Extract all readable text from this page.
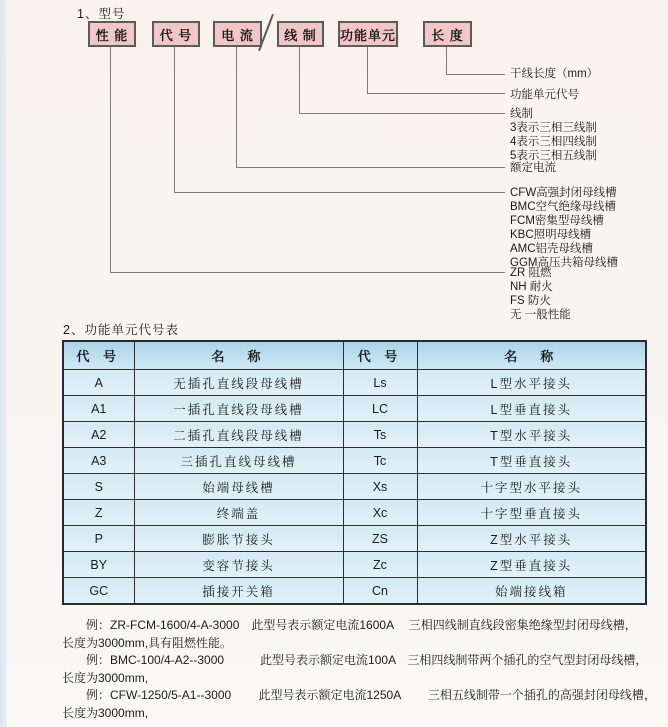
1、型号
性 能	代 号	电 流	线 制	功能单元	长 度
干线长度（mm）
功能单元代号
线制
3表示三相三线制
4表示三相四线制
5表示三相五线制
额定电流
CFW高强封闭母线槽
BMC空气绝缘母线槽
FCM密集型母线槽
KBC照明母线槽
AMC铝壳母线槽
GGM高压共箱母线槽
ZR 阻燃
NH 耐火
FS 防火
无 一般性能
2、功能单元代号表
代 号	名　称	代 号	名　称
A	无插孔直线段母线槽	Ls	L型水平接头
A1	一插孔直线段母线槽	LC	L型垂直接头
A2	二插孔直线段母线槽	Ts	T型水平接头
A3	三插孔直线母线槽	Tc	T型垂直接头
S	始端母线槽	Xs	十字型水平接头
Z	终端盖	Xc	十字型垂直接头
P	膨胀节接头	ZS	Z型水平接头
BY	变容节接头	Zc	Z型垂直接头
GC	插接开关箱	Cn	始端接线箱
　　例：ZR-FCM-1600/4-A-3000　此型号表示额定电流1600A　 三相四线制直线段密集绝缘型封闭母线槽，
长度为3000mm,具有阻燃性能。
　　例：BMC-100/4-A2--3000　　　此型号表示额定电流100A　三相四线制带两个插孔的空气型封闭母线槽，
长度为3000mm,
　　例：CFW-1250/5-A1--3000　　 此型号表示额定电流1250A　　 三相五线制带一个插孔的高强封闭母线槽，
长度为3000mm,
